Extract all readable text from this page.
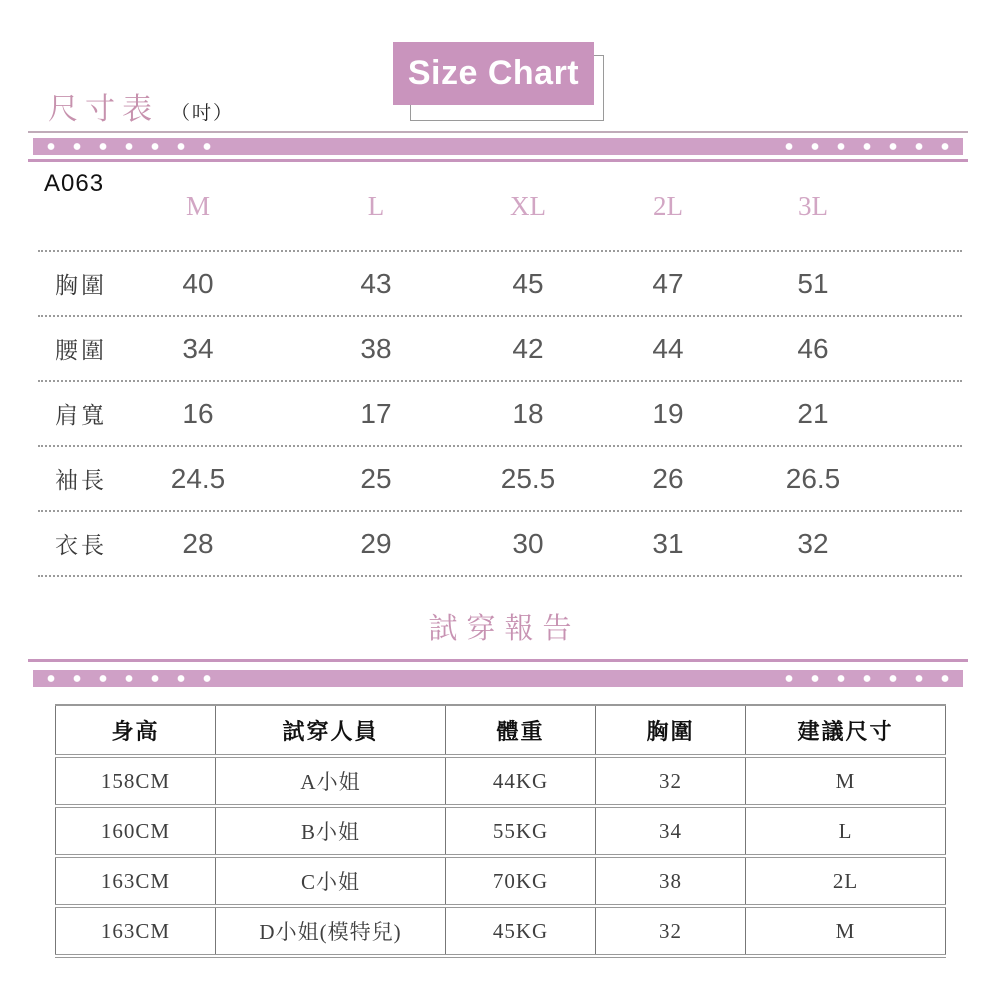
Size Chart
尺寸表 （吋）
A063
M	L	XL	2L	3L
胸圍	40	43	45	47	51
腰圍	34	38	42	44	46
肩寬	16	17	18	19	21
袖長	24.5	25	25.5	26	26.5
衣長	28	29	30	31	32
試穿報告
身高	試穿人員	體重	胸圍	建議尺寸
158CM	A小姐	44KG	32	M
160CM	B小姐	55KG	34	L
163CM	C小姐	70KG	38	2L
163CM	D小姐(模特兒)	45KG	32	M
